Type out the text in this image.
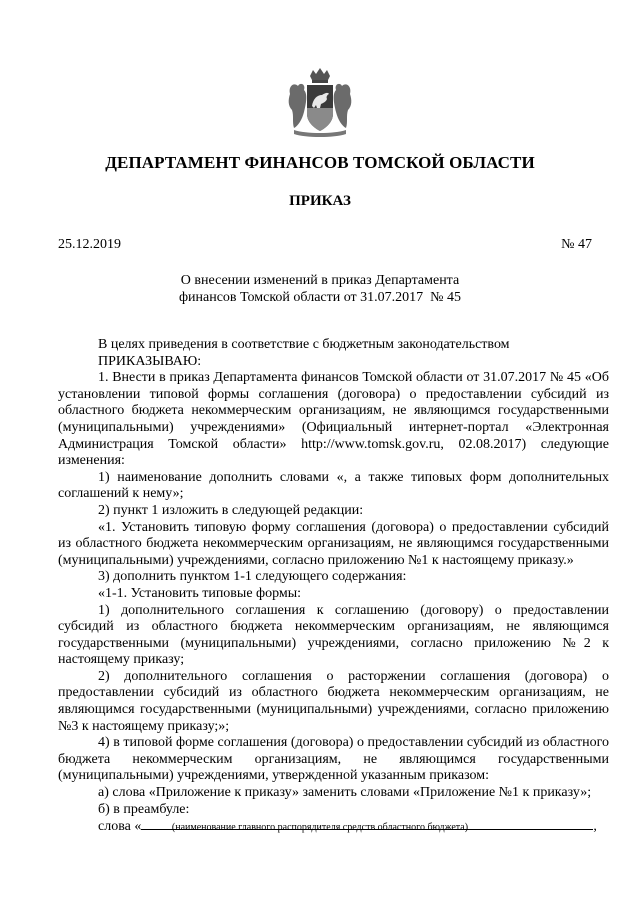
ДЕПАРТАМЕНТ ФИНАНСОВ ТОМСКОЙ ОБЛАСТИ
ПРИКАЗ
25.12.2019	№ 47
О внесении изменений в приказ Департамента
финансов Томской области от 31.07.2017  № 45

В целях приведения в соответствие с бюджетным законодательством

ПРИКАЗЫВАЮ:

1. Внести в приказ Департамента финансов Томской области от 31.07.2017 № 45 «Об установлении типовой формы соглашения (договора) о предоставлении субсидий из областного бюджета некоммерческим организациям, не являющимся государственными (муниципальными) учреждениями» (Официальный интернет-портал «Электронная Администрация Томской области» http://www.tomsk.gov.ru, 02.08.2017) следующие изменения:

1) наименование дополнить словами «, а также типовых форм дополнительных соглашений к нему»;

2) пункт 1 изложить в следующей редакции:

«1. Установить типовую форму соглашения (договора) о предоставлении субсидий из областного бюджета некоммерческим организациям, не являющимся государственными (муниципальными) учреждениями, согласно приложению №1 к настоящему приказу.»

3) дополнить пунктом 1-1 следующего содержания:

«1-1. Установить типовые формы:

1) дополнительного соглашения к соглашению (договору) о предоставлении субсидий из областного бюджета некоммерческим организациям, не являющимся государственными (муниципальными) учреждениями, согласно приложению №2 к настоящему приказу;

2) дополнительного соглашения о расторжении соглашения (договора) о предоставлении субсидий из областного бюджета некоммерческим организациям, не являющимся государственными (муниципальными) учреждениями, согласно приложению №3 к настоящему приказу;»;

4) в типовой форме соглашения (договора) о предоставлении субсидий из областного бюджета некоммерческим организациям, не являющимся государственными (муниципальными) учреждениями, утвержденной указанным приказом:

а) слова «Приложение к приказу» заменить словами «Приложение №1 к приказу»;

б) в преамбуле:

слова «	,

(наименование главного распорядителя средств областного бюджета)
